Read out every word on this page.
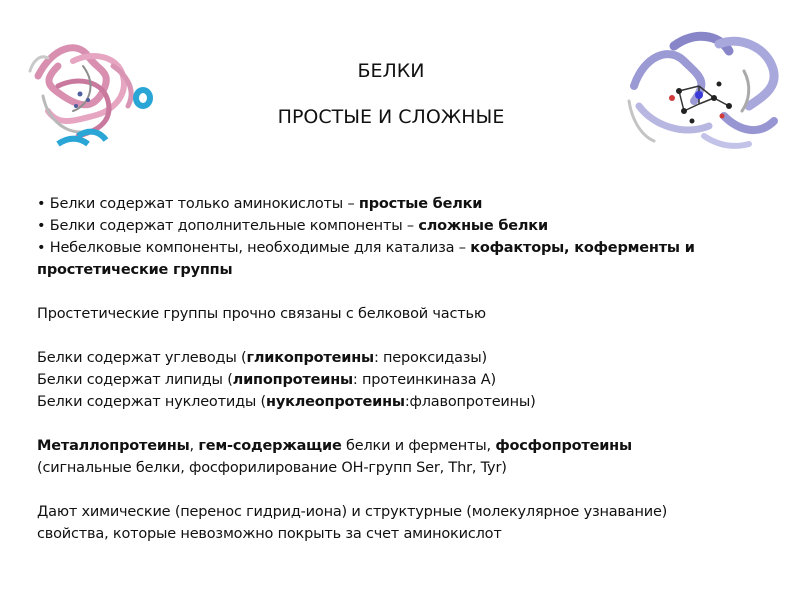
БЕЛКИ
ПРОСТЫЕ И СЛОЖНЫЕ
• Белки содержат только аминокислоты – простые белки
• Белки содержат дополнительные компоненты – сложные белки
• Небелковые компоненты, необходимые для катализа – кофакторы, коферменты и
простетические группы
Простетические группы прочно связаны с белковой частью
Белки содержат углеводы (гликопротеины: пероксидазы)
Белки содержат липиды (липопротеины: протеинкиназа А)
Белки содержат нуклеотиды (нуклеопротеины:флавопротеины)
Металлопротеины, гем-содержащие белки и ферменты, фосфопротеины
(сигнальные белки, фосфорилирование ОН-групп Ser, Thr, Tyr)
Дают химические (перенос гидрид-иона) и структурные (молекулярное узнавание)
свойства, которые невозможно покрыть за счет аминокислот
